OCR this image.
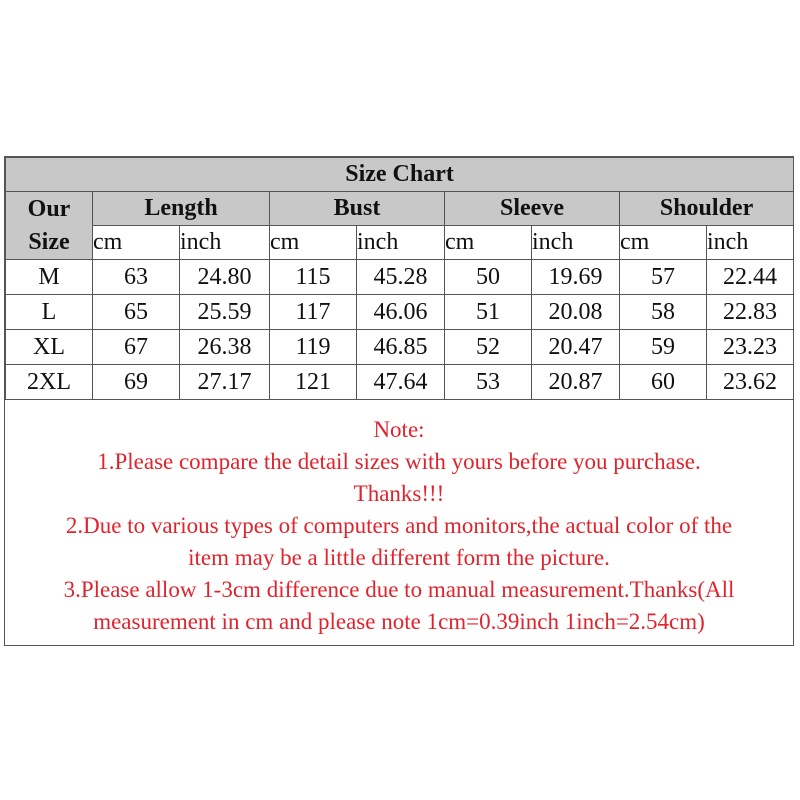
Size Chart								

Our
Size	Length		Bust		Sleeve		Shoulder	
	cm	inch	cm	inch	cm	inch	cm	inch
M	63	24.80	115	45.28	50	19.69	57	22.44
L	65	25.59	117	46.06	51	20.08	58	22.83
XL	67	26.38	119	46.85	52	20.47	59	23.23
2XL	69	27.17	121	47.64	53	20.87	60	23.62
Note:
1.Please compare the detail sizes with yours before you purchase.
Thanks!!!
2.Due to various types of computers and monitors,the actual color of the
item may be a little different form the picture.
3.Please allow 1-3cm difference due to manual measurement.Thanks(All
measurement in cm and please note 1cm=0.39inch 1inch=2.54cm)
